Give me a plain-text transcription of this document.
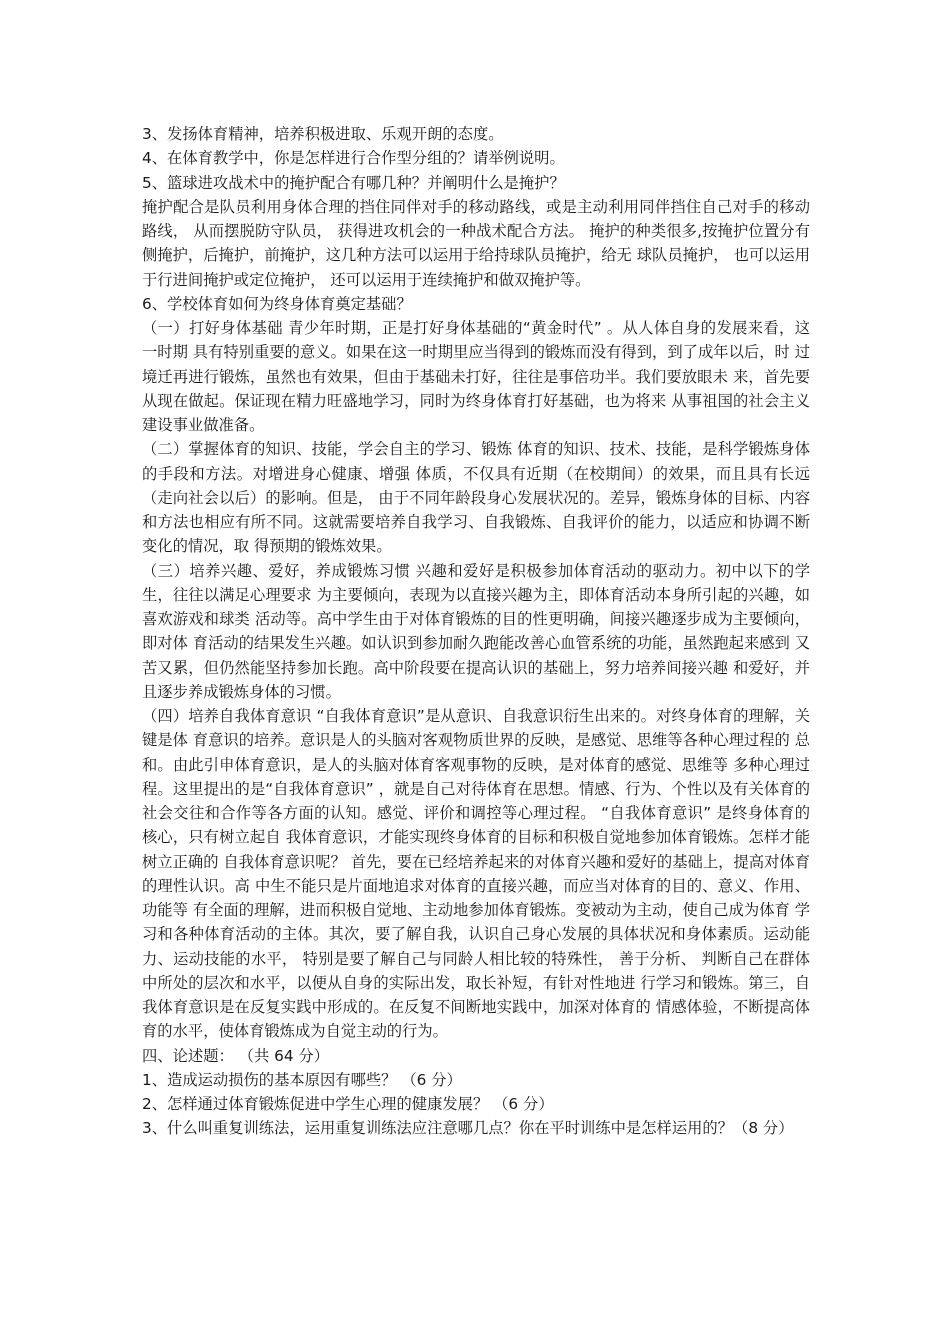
3、发扬体育精神，培养积极进取、乐观开朗的态度。

4、在体育教学中，你是怎样进行合作型分组的？请举例说明。

5、篮球进攻战术中的掩护配合有哪几种？并阐明什么是掩护？

掩护配合是队员利用身体合理的挡住同伴对手的移动路线，或是主动利用同伴挡住自己对手的移动路线， 从而摆脱防守队员， 获得进攻机会的一种战术配合方法。 掩护的种类很多,按掩护位置分有侧掩护，后掩护，前掩护，这几种方法可以运用于给持球队员掩护，给无 球队员掩护， 也可以运用于行进间掩护或定位掩护， 还可以运用于连续掩护和做双掩护等。

6、学校体育如何为终身体育奠定基础？

（一）打好身体基础 青少年时期，正是打好身体基础的“黄金时代” 。从人体自身的发展来看，这一时期 具有特别重要的意义。如果在这一时期里应当得到的锻炼而没有得到，到了成年以后，时 过境迁再进行锻炼，虽然也有效果，但由于基础未打好，往往是事倍功半。我们要放眼未 来，首先要从现在做起。保证现在精力旺盛地学习，同时为终身体育打好基础，也为将来 从事祖国的社会主义建设事业做准备。

（二）掌握体育的知识、技能，学会自主的学习、锻炼 体育的知识、技术、技能，是科学锻炼身体的手段和方法。对增进身心健康、增强 体质，不仅具有近期（在校期间）的效果，而且具有长远（走向社会以后）的影响。但是， 由于不同年龄段身心发展状况的。差异，锻炼身体的目标、内容和方法也相应有所不同。这就需要培养自我学习、自我锻炼、自我评价的能力，以适应和协调不断变化的情况，取 得预期的锻炼效果。

（三）培养兴趣、爱好，养成锻炼习惯 兴趣和爱好是积极参加体育活动的驱动力。初中以下的学生，往往以满足心理要求 为主要倾向，表现为以直接兴趣为主，即体育活动本身所引起的兴趣，如喜欢游戏和球类 活动等。高中学生由于对体育锻炼的目的性更明确，间接兴趣逐步成为主要倾向，即对体 育活动的结果发生兴趣。如认识到参加耐久跑能改善心血管系统的功能，虽然跑起来感到 又苦又累，但仍然能坚持参加长跑。高中阶段要在提高认识的基础上，努力培养间接兴趣 和爱好，并且逐步养成锻炼身体的习惯。

（四）培养自我体育意识 “自我体育意识”是从意识、自我意识衍生出来的。对终身体育的理解，关键是体 育意识的培养。意识是人的头脑对客观物质世界的反映，是感觉、思维等各种心理过程的 总和。由此引申体育意识，是人的头脑对体育客观事物的反映，是对体育的感觉、思维等 多种心理过程。这里提出的是“自我体育意识” ，就是自己对待体育在思想。情感、行为、个性以及有关体育的社会交往和合作等各方面的认知。感觉、评价和调控等心理过程。 “自我体育意识” 是终身体育的核心，只有树立起自 我体育意识，才能实现终身体育的目标和积极自觉地参加体育锻炼。怎样才能树立正确的 自我体育意识呢？ 首先，要在已经培养起来的对体育兴趣和爱好的基础上，提高对体育的理性认识。高 中生不能只是片面地追求对体育的直接兴趣，而应当对体育的目的、意义、作用、功能等 有全面的理解，进而积极自觉地、主动地参加体育锻炼。变被动为主动，使自己成为体育 学习和各种体育活动的主体。其次，要了解自我，认识自己身心发展的具体状况和身体素质。运动能力、运动技能的水平， 特别是要了解自己与同龄人相比较的特殊性， 善于分析、 判断自己在群体中所处的层次和水平，以便从自身的实际出发，取长补短，有针对性地进 行学习和锻炼。第三，自我体育意识是在反复实践中形成的。在反复不间断地实践中，加深对体育的 情感体验，不断提高体育的水平，使体育锻炼成为自觉主动的行为。

四、论述题： （共 64 分）

1、造成运动损伤的基本原因有哪些？ （6 分）

2、怎样通过体育锻炼促进中学生心理的健康发展？ （6 分）

3、什么叫重复训练法，运用重复训练法应注意哪几点？你在平时训练中是怎样运用的？（8 分）
